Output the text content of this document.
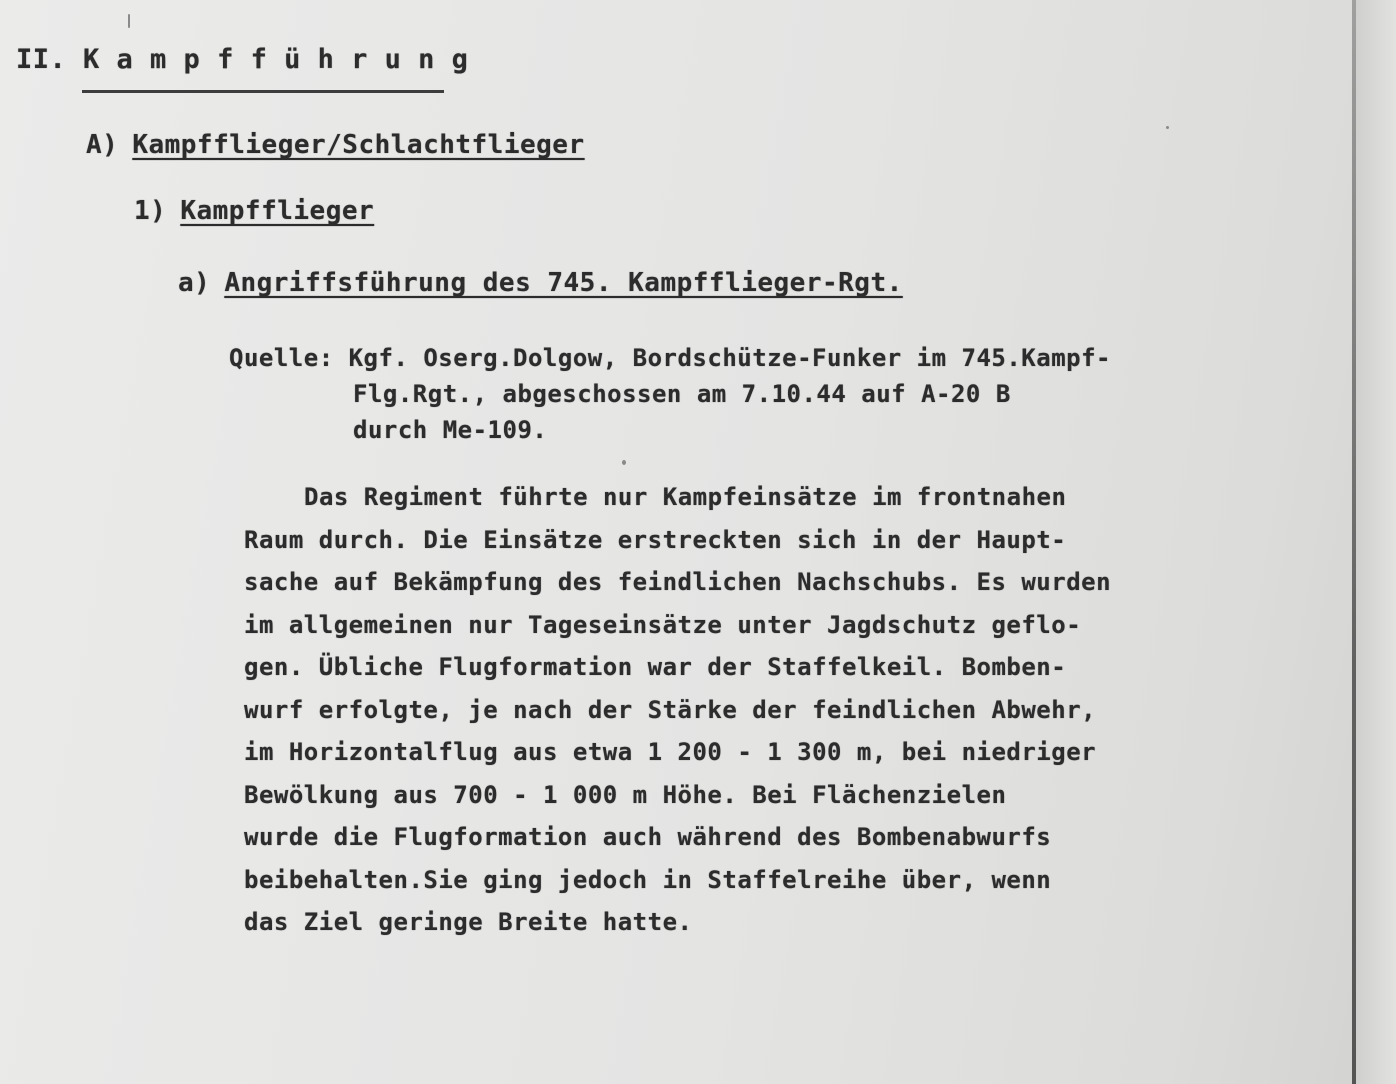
II. K a m p f f ü h r u n g
A) Kampfflieger/Schlachtflieger
1) Kampfflieger
a) Angriffsführung des 745. Kampfflieger-Rgt.
Quelle: Kgf. Oserg.Dolgow, Bordschütze-Funker im 745.Kampf-
Flg.Rgt., abgeschossen am 7.10.44 auf A-20 B
durch Me-109.
Das Regiment führte nur Kampfeinsätze im frontnahen
Raum durch. Die Einsätze erstreckten sich in der Haupt-
sache auf Bekämpfung des feindlichen Nachschubs. Es wurden
im allgemeinen nur Tageseinsätze unter Jagdschutz geflo-
gen. Übliche Flugformation war der Staffelkeil. Bomben-
wurf erfolgte, je nach der Stärke der feindlichen Abwehr,
im Horizontalflug aus etwa 1 200 - 1 300 m, bei niedriger
Bewölkung aus 700 - 1 000 m Höhe. Bei Flächenzielen
wurde die Flugformation auch während des Bombenabwurfs
beibehalten.Sie ging jedoch in Staffelreihe über, wenn
das Ziel geringe Breite hatte.
